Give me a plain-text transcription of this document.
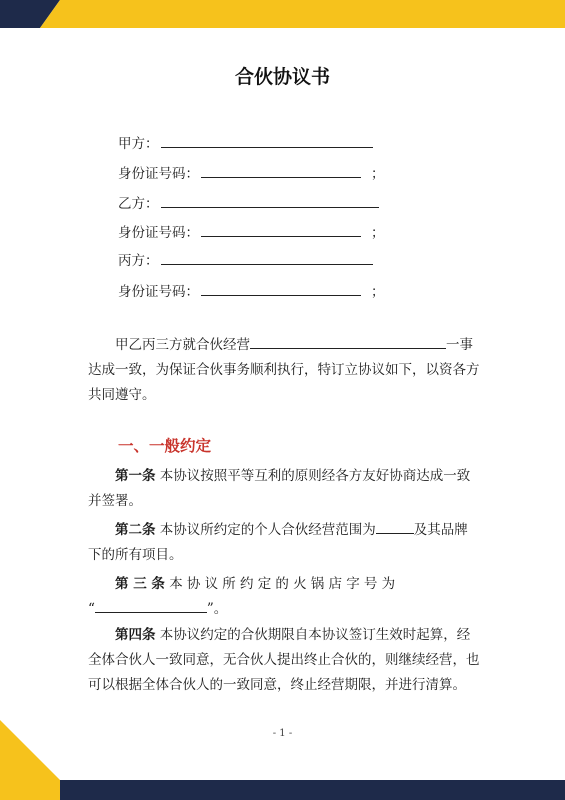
合伙协议书
甲方：
身份证号码：	；
乙方：
身份证号码：	；
丙方：
身份证号码：	；
甲乙丙三方就合伙经营	一事达成一致，为保证合伙事务顺利执行，特订立协议如下，以资各方共同遵守。
一、一般约定
第一条 本协议按照平等互利的原则经各方友好协商达成一致并签署。
第二条 本协议所约定的个人合伙经营范围为	及其品牌下的所有项目。
第 三 条 本协议所约定的火锅店字号为
“	”。
第四条 本协议约定的合伙期限自本协议签订生效时起算，经全体合伙人一致同意，无合伙人提出终止合伙的，则继续经营，也可以根据全体合伙人的一致同意，终止经营期限，并进行清算。
- 1 -
